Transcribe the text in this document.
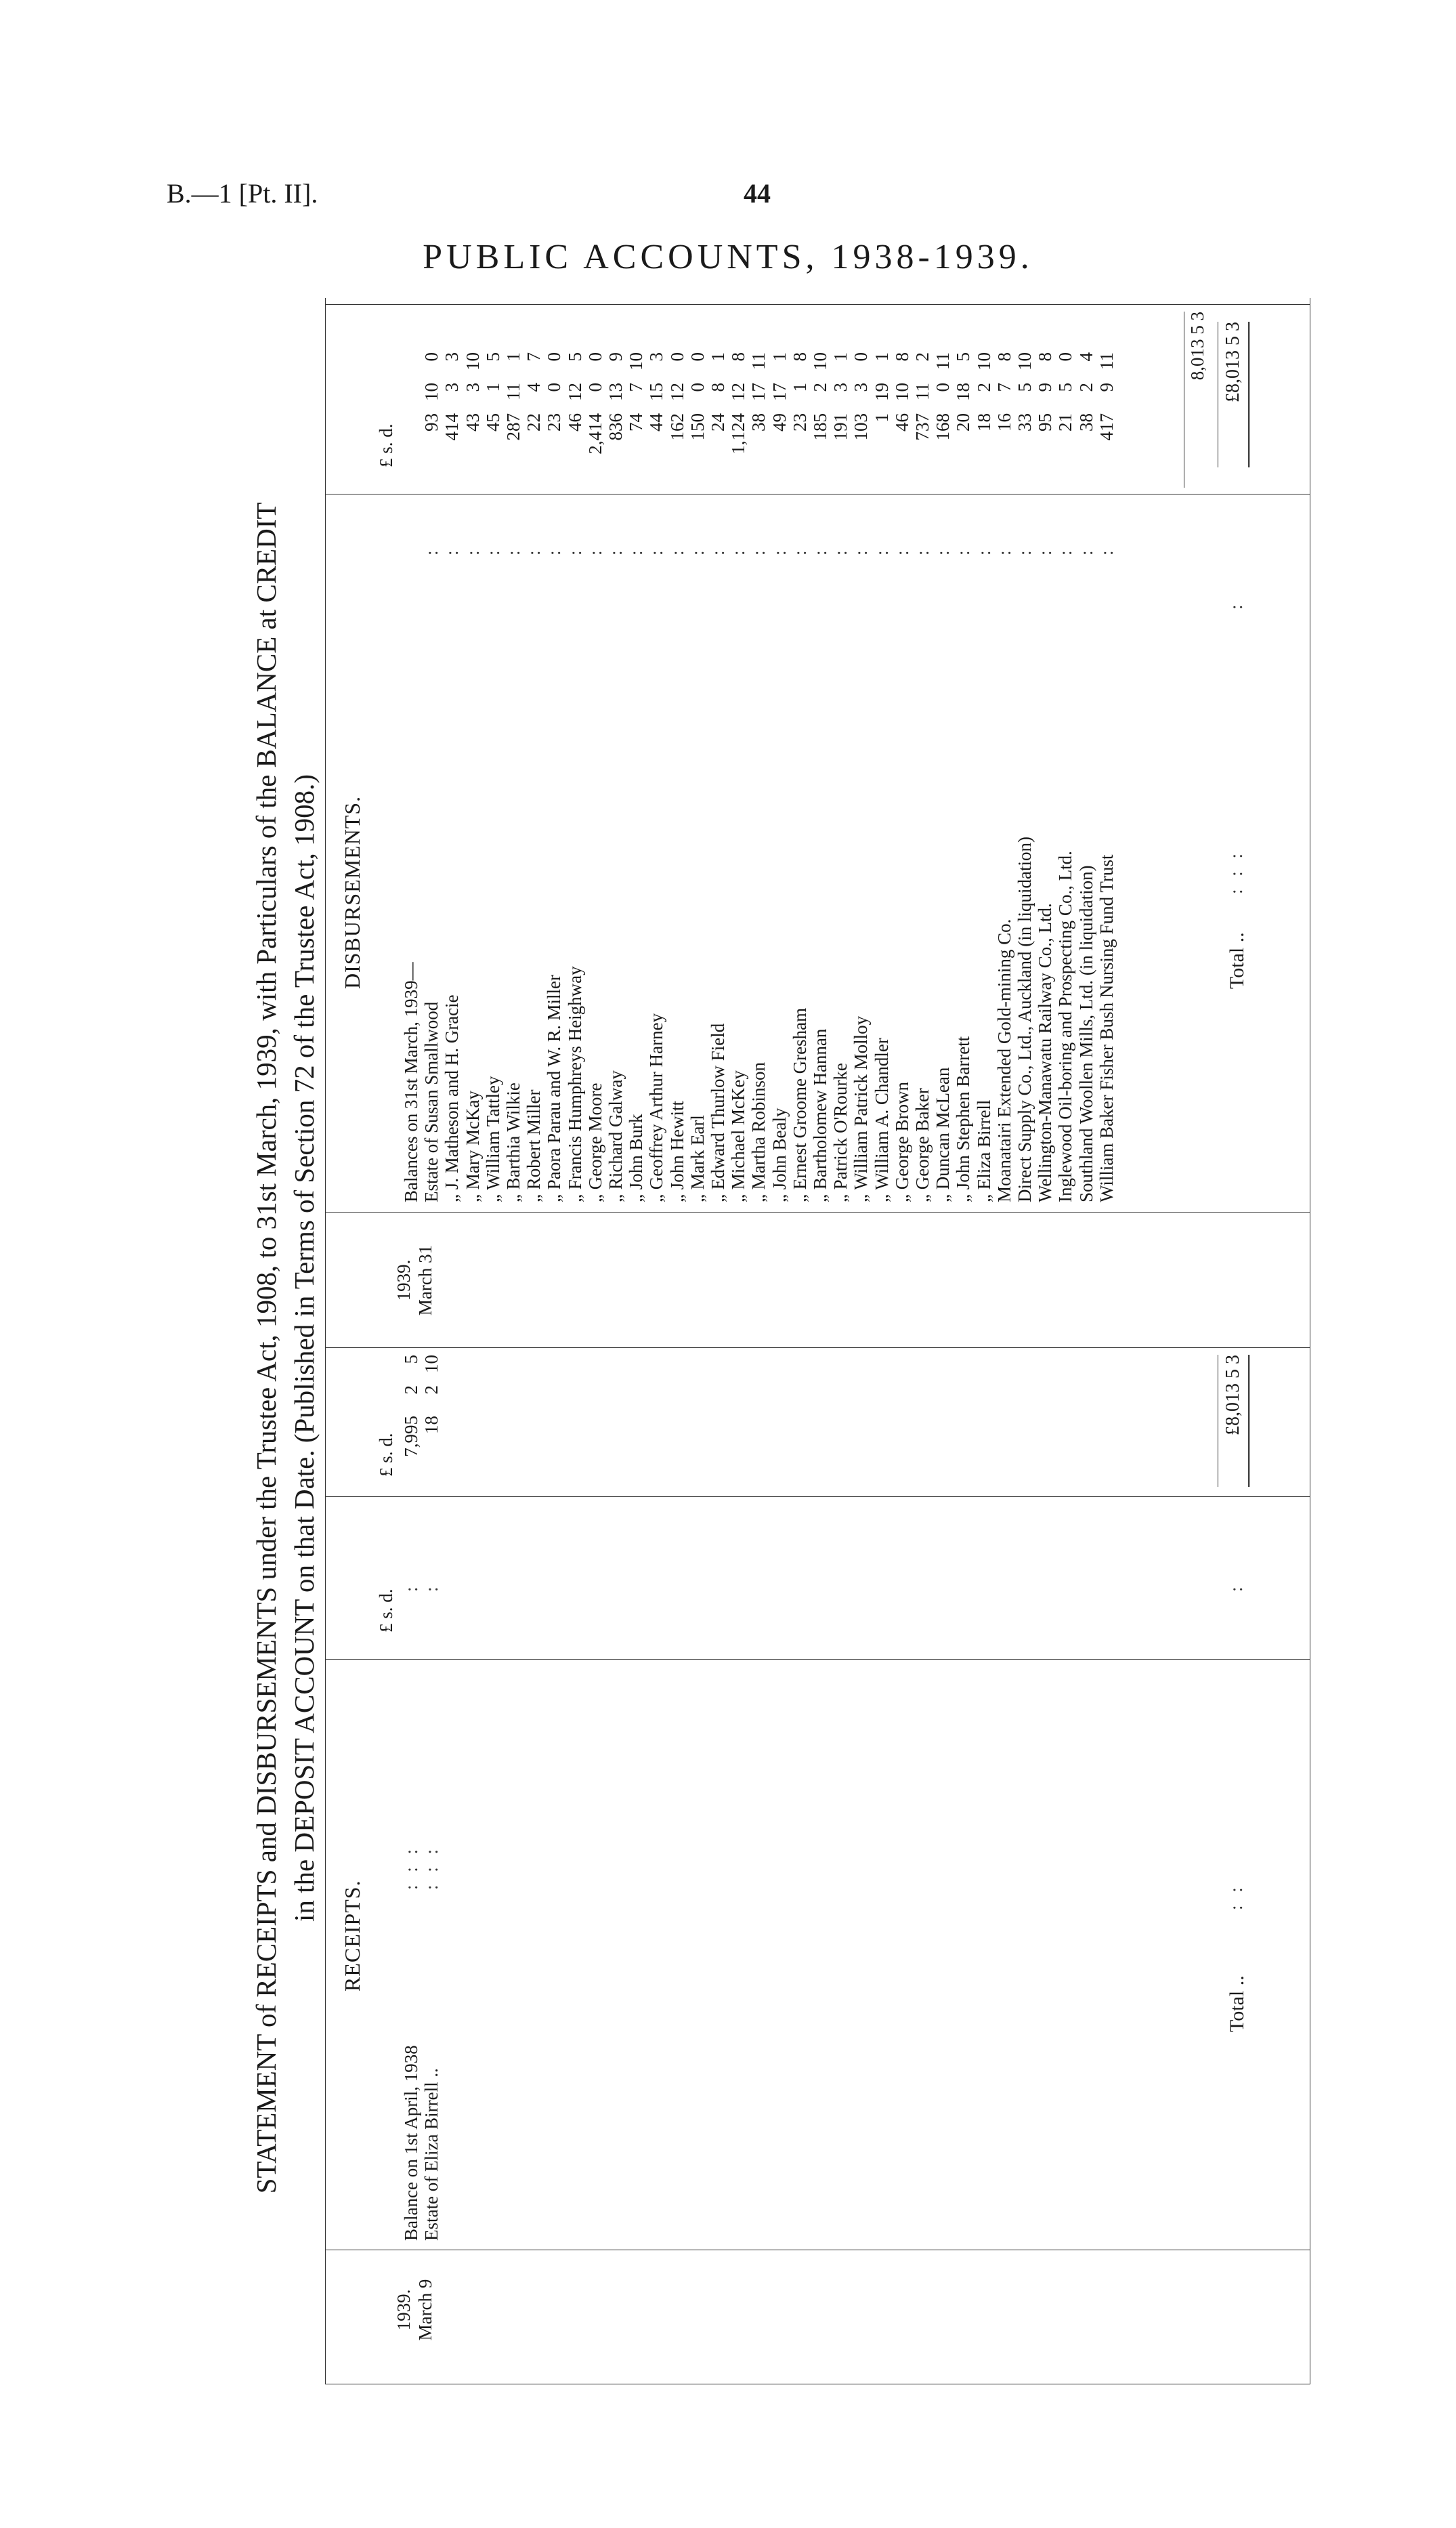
B.—1 [Pt. II].	44
PUBLIC ACCOUNTS, 1938-1939.
STATEMENT of RECEIPTS and DISBURSEMENTS under the Trustee Act, 1908, to 31st March, 1939, with Particulars of the BALANCE at CREDIT in the DEPOSIT ACCOUNT on that Date. (Published in Terms of Section 72 of the Trustee Act, 1908.)
RECEIPTS.
1939. March 9
Balance on 1st April, 1938 Estate of Eliza Birrell ..
: : : : : :
£ s. d.
: :
£ s. d. 7,995
2
5
18
2
10
Total ..
: :
:
£8,013 5 3
1939. March 31
DISBURSEMENTS.
Balances on 31st March, 1939— Estate of Susan Smallwood
:
93
10
0
„ J. Matheson and H. Gracie
:
414
3
3
„ Mary McKay
:
43
3
10
„ William Tattley
:
45
1
5
„ Barthia Wilkie
:
287
11
1
„ Robert Miller
:
22
4
7
„ Paora Parau and W. R. Miller
:
23
0
0
„ Francis Humphreys Heighway
:
46
12
5
„ George Moore
:
2,414
0
0
„ Richard Galway
:
836
13
9
„ John Burk
:
74
7
10
„ Geoffrey Arthur Harney
:
44
15
3
„ John Hewitt
:
162
12
0
„ Mark Earl
:
150
0
0
„ Edward Thurlow Field
:
24
8
1
„ Michael McKey
:
1,124
12
8
„ Martha Robinson
:
38
17
11
„ John Bealy
:
49
17
1
„ Ernest Groome Gresham
:
23
1
8
„ Bartholomew Hannan
:
185
2
10
„ Patrick O'Rourke
:
191
3
1
„ William Patrick Molloy
:
103
3
0
„ William A. Chandler
:
1
19
1
„ George Brown
:
46
10
8
„ George Baker
:
737
11
2
„ Duncan McLean
:
168
0
11
„ John Stephen Barrett
:
20
18
5
„ Eliza Birrell
:
18
2
10
Moanatairi Extended Gold-mining Co.
:
16
7
8
Direct Supply Co., Ltd., Auckland (in liquidation)
:
33
5
10
Wellington-Manawatu Railway Co., Ltd.
:
95
9
8
Inglewood Oil-boring and Prospecting Co., Ltd.
:
21
5
0
Southland Woollen Mills, Ltd. (in liquidation)
:
38
2
4
William Baker Fisher Bush Nursing Fund Trust
:
417
9
11
£ s. d.
8,013 5 3
Total ..
: : :
:
£8,013 5 3
